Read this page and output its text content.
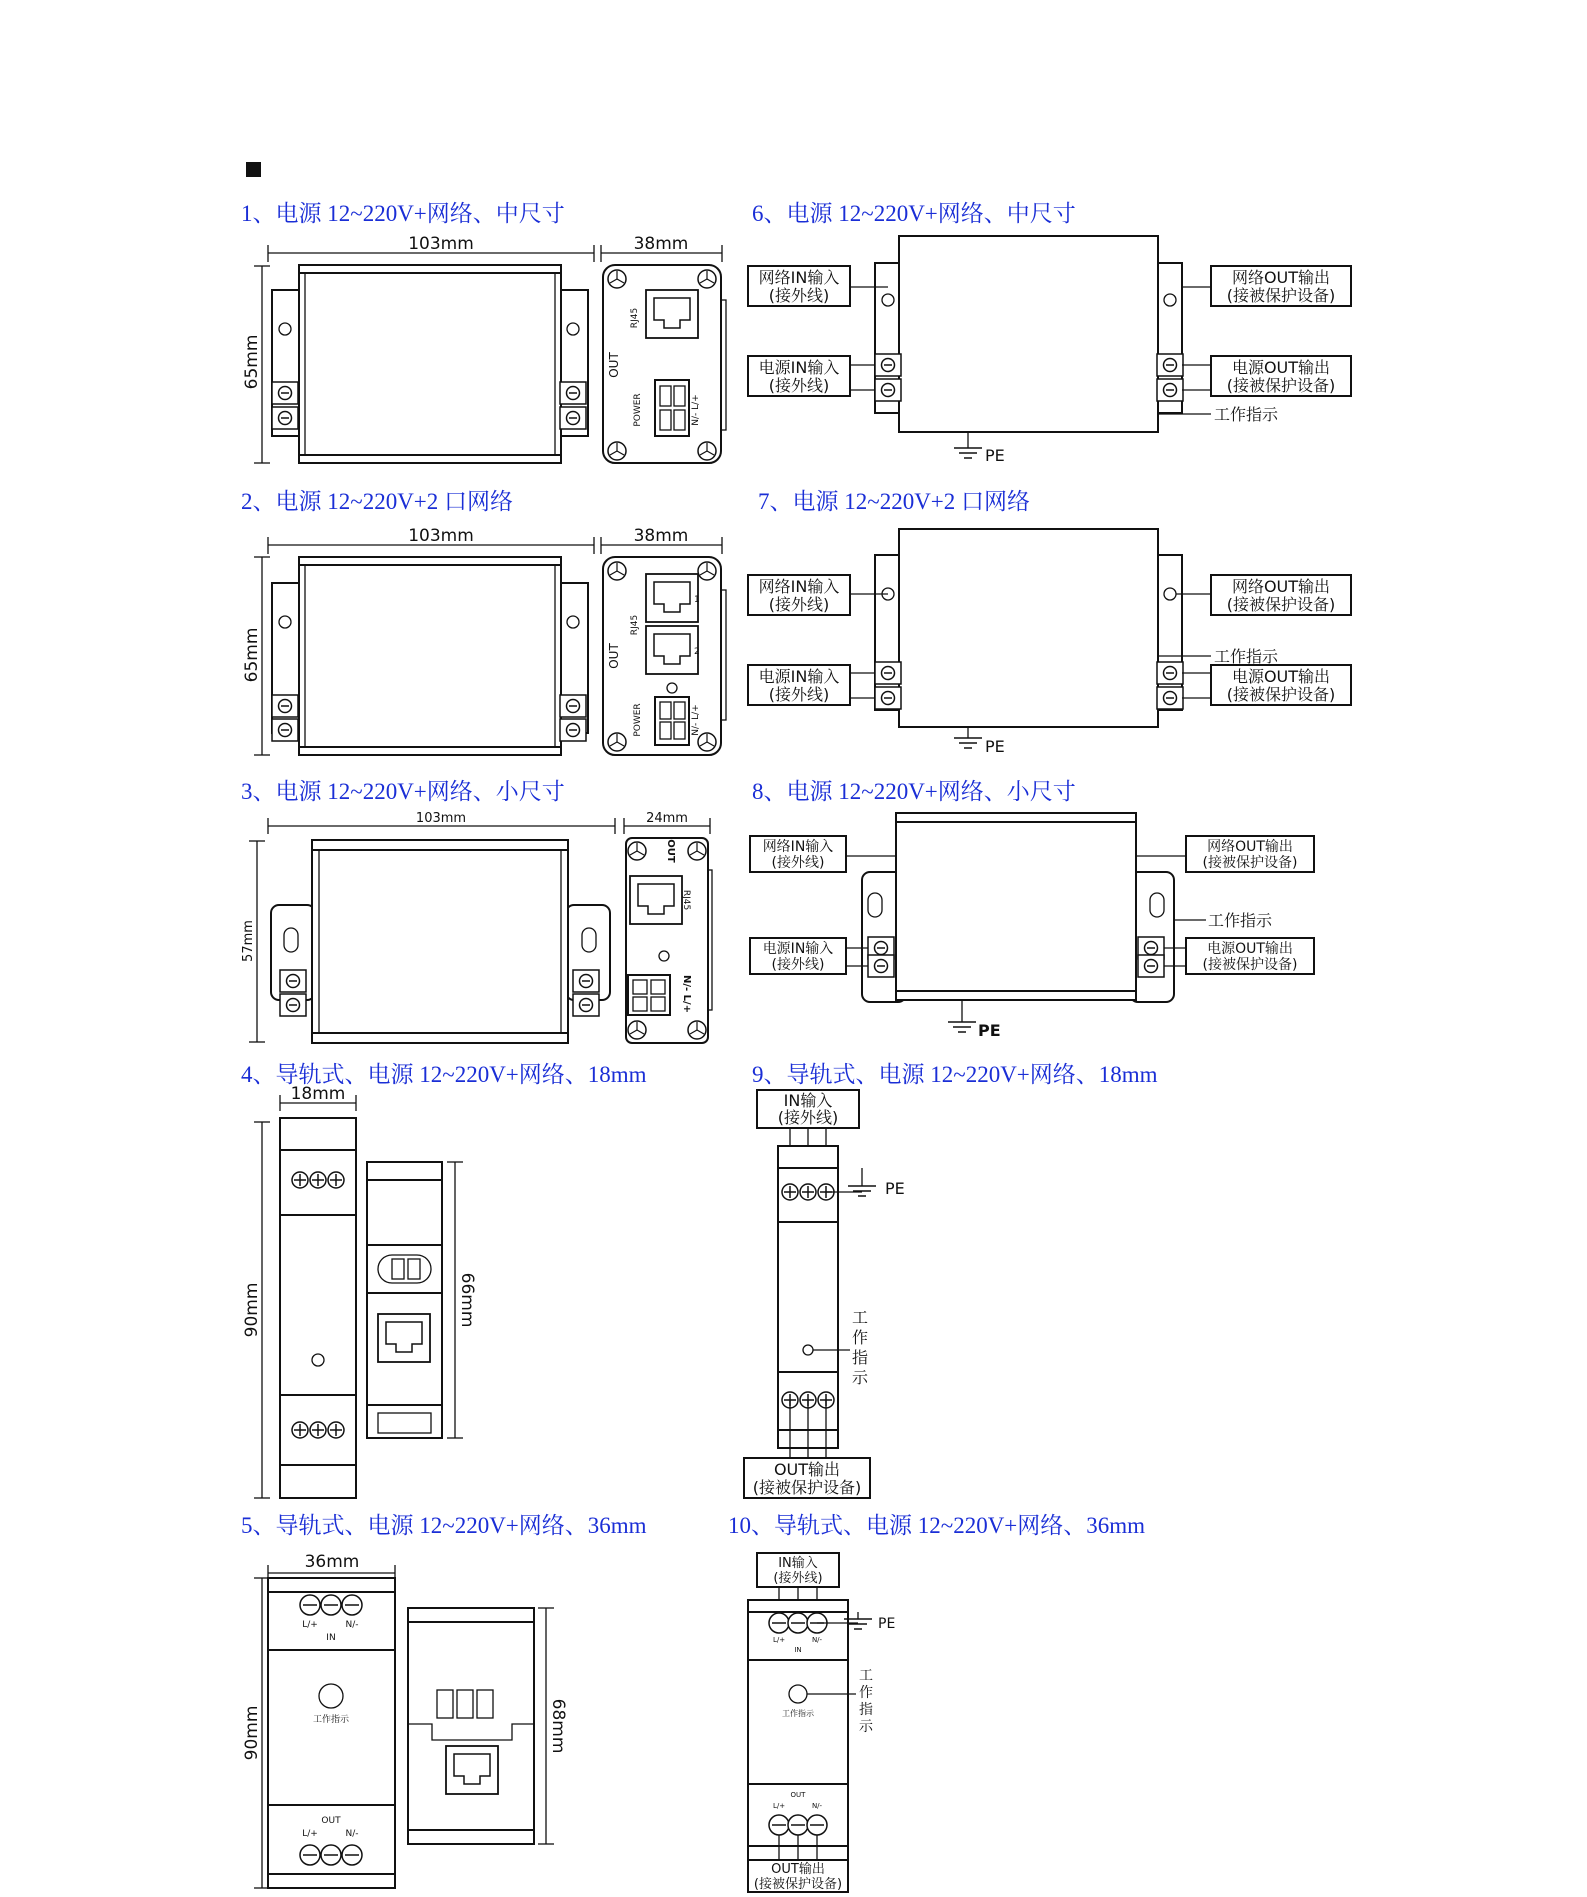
1、电源 12~220V+网络、中尺寸
2、电源 12~220V+2 口网络
3、电源 12~220V+网络、小尺寸
4、导轨式、电源 12~220V+网络、18mm
5、导轨式、电源 12~220V+网络、36mm
6、电源 12~220V+网络、中尺寸
7、电源 12~220V+2 口网络
8、电源 12~220V+网络、小尺寸
9、导轨式、电源 12~220V+网络、18mm
10、导轨式、电源 12~220V+网络、36mm
103mm
65mm
38mm
RJ45
OUT
POWER	N/- L/+
103mm
65mm
38mm
1
2
RJ45
OUT
POWER	N/- L/+
103mm
57mm
24mm
OUT
RJ45
N/- L/+
18mm
90mm	66mm
36mm
90mm
L/+	N/-
IN
工作指示
OUT
L/+	N/-
68mm
网络IN输入
(接外线)
电源IN输入
(接外线)
网络OUT输出
(接被保护设备)
电源OUT输出
(接被保护设备)
工作指示
PE
网络IN输入
(接外线)
电源IN输入
(接外线)
网络OUT输出
(接被保护设备)
电源OUT输出
(接被保护设备)
工作指示
PE
网络IN输入
(接外线)
电源IN输入
(接外线)
网络OUT输出
(接被保护设备)
电源OUT输出
(接被保护设备)
工作指示
PE
IN输入
(接外线)
PE
工
作
指
示
OUT输出
(接被保护设备)
IN输入
(接外线)
L/+	N/-
IN
PE
工作指示
工
作
指
示
OUT
L/+	N/-
OUT输出
(接被保护设备)
